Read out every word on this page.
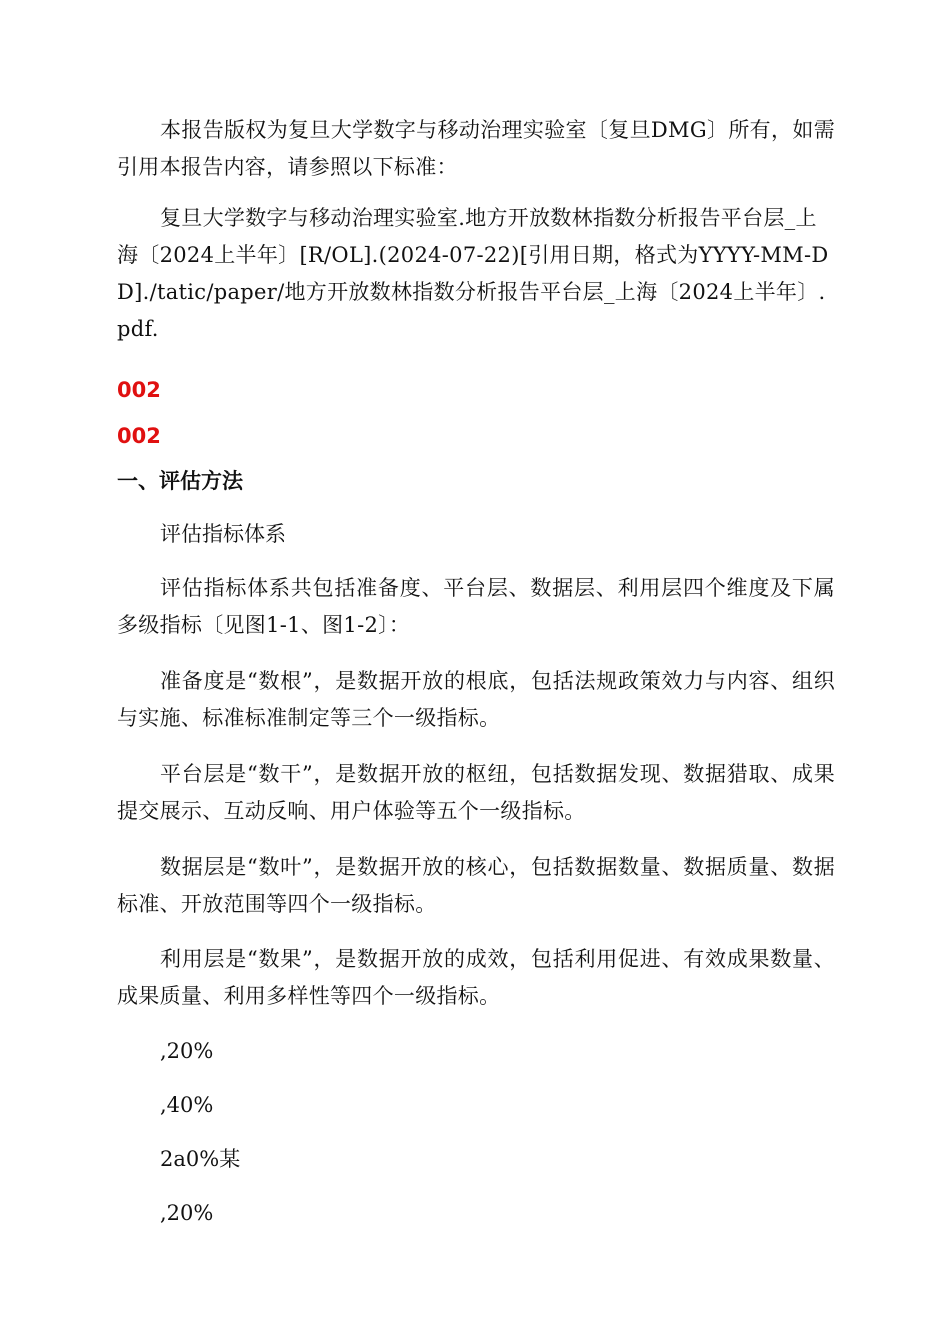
本报告版权为复旦大学数字与移动治理实验室〔复旦DMG〕所有，如需引用本报告内容，请参照以下标准：

复旦大学数字与移动治理实验室.地方开放数林指数分析报告平台层_上海〔2024上半年〕[R/OL].(2024-07-22)[引用日期，格式为YYYY-MM-DD]./tatic/paper/地方开放数林指数分析报告平台层_上海〔2024上半年〕.pdf.

002

002

一、评估方法

评估指标体系

评估指标体系共包括准备度、平台层、数据层、利用层四个维度及下属多级指标〔见图1-1、图1-2〕：

准备度是“数根”，是数据开放的根底，包括法规政策效力与内容、组织与实施、标准标准制定等三个一级指标。

平台层是“数干”，是数据开放的枢纽，包括数据发现、数据猎取、成果提交展示、互动反响、用户体验等五个一级指标。

数据层是“数叶”，是数据开放的核心，包括数据数量、数据质量、数据标准、开放范围等四个一级指标。

利用层是“数果”，是数据开放的成效，包括利用促进、有效成果数量、成果质量、利用多样性等四个一级指标。

,20%

,40%

2a0%某

,20%
